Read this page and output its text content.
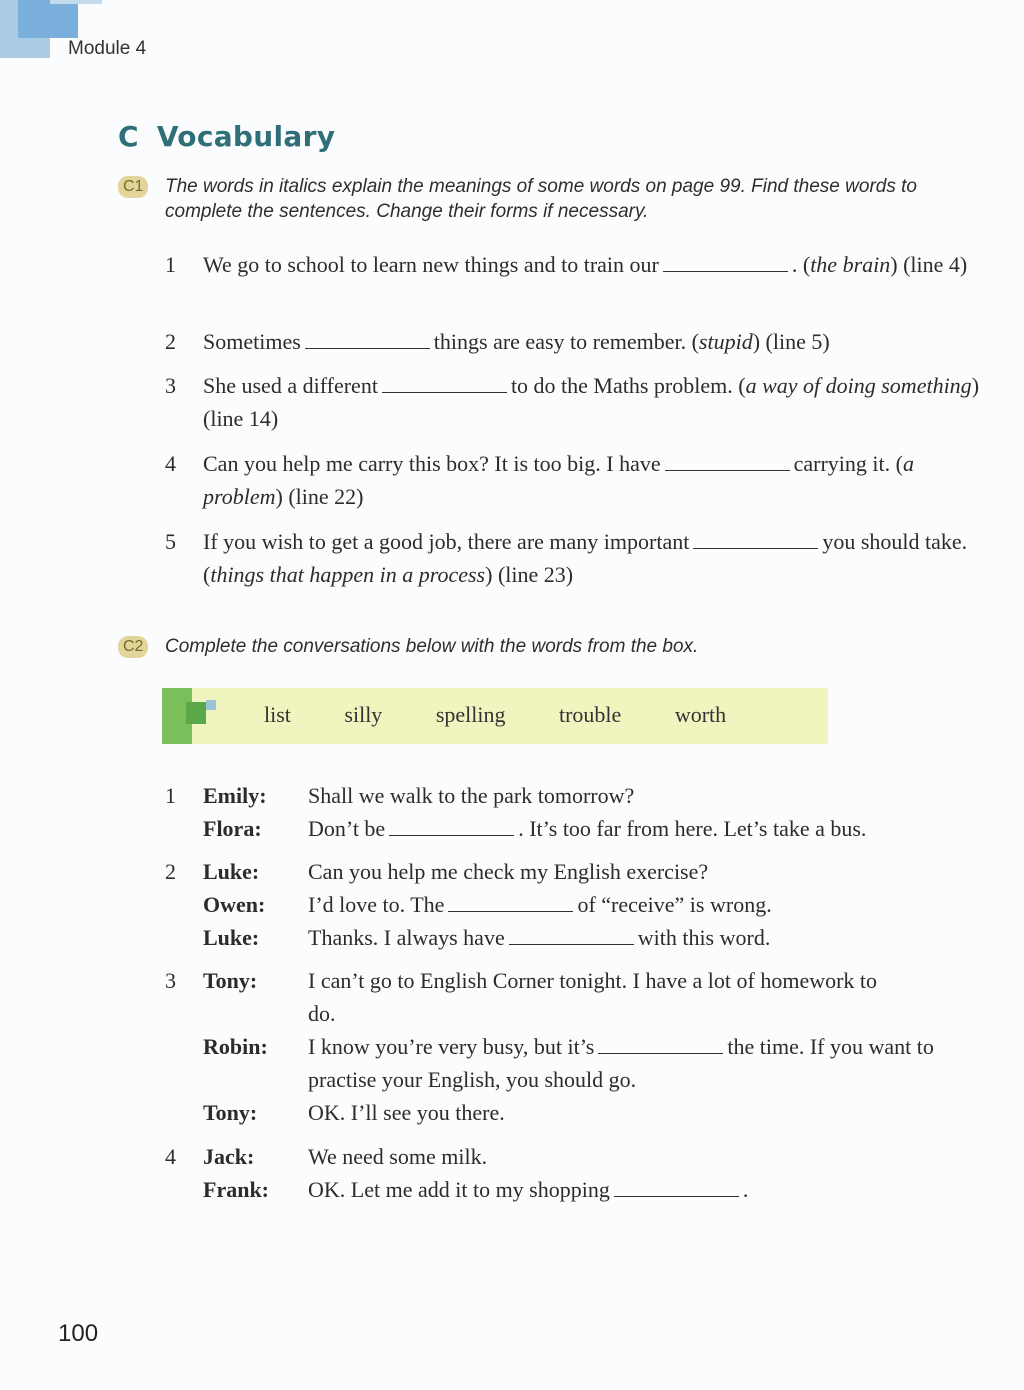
Module 4
C Vocabulary
C1 The words in italics explain the meanings of some words on page 99. Find these words to complete the sentences. Change their forms if necessary.
1	We go to school to learn new things and to train our	. (the brain) (line 4)
2	Sometimes	things are easy to remember. (stupid) (line 5)
3	She used a different	to do the Maths problem. (a way of doing something) (line 14)
4	Can you help me carry this box? It is too big. I have	carrying it. (a problem) (line 22)
5	If you wish to get a good job, there are many important	you should take. (things that happen in a process) (line 23)
C2 Complete the conversations below with the words from the box.
list silly spelling trouble worth
1	Emily: Shall we walk to the park tomorrow?
Flora: Don’t be	. It’s too far from here. Let’s take a bus.
2	Luke: Can you help me check my English exercise?
Owen: I’d love to. The	of “receive” is wrong.
Luke: Thanks. I always have	with this word.
3	Tony: I can’t go to English Corner tonight. I have a lot of homework to do.
Robin: I know you’re very busy, but it’s	the time. If you want to practise your English, you should go.
Tony: OK. I’ll see you there.
4	Jack: We need some milk.
Frank: OK. Let me add it to my shopping	.
100
